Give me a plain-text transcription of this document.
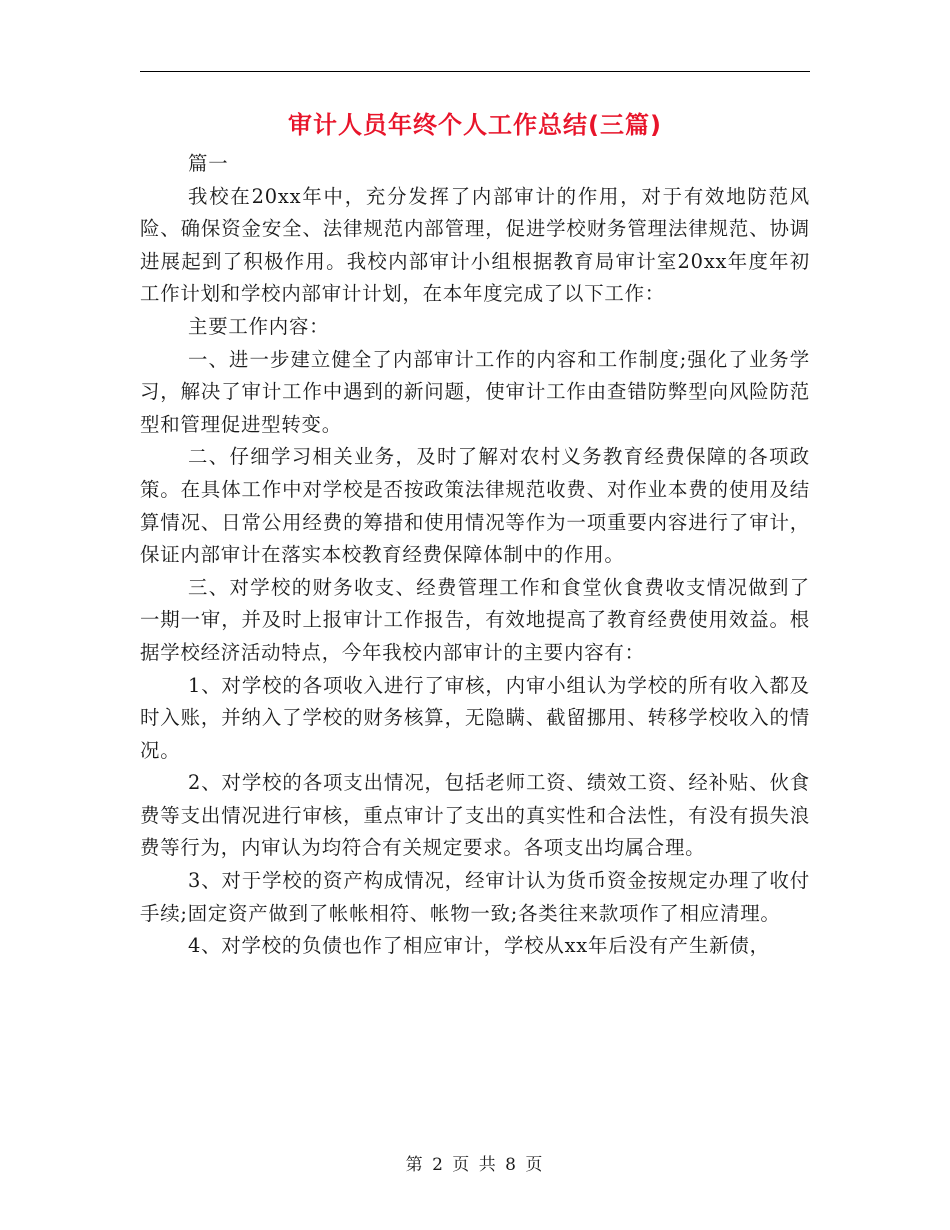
审计人员年终个人工作总结(三篇)

篇一

我校在20xx年中，充分发挥了内部审计的作用，对于有效地防范风险、确保资金安全、法律规范内部管理，促进学校财务管理法律规范、协调进展起到了积极作用。我校内部审计小组根据教育局审计室20xx年度年初工作计划和学校内部审计计划，在本年度完成了以下工作：

主要工作内容：

一、进一步建立健全了内部审计工作的内容和工作制度;强化了业务学习，解决了审计工作中遇到的新问题，使审计工作由查错防弊型向风险防范型和管理促进型转变。

二、仔细学习相关业务，及时了解对农村义务教育经费保障的各项政策。在具体工作中对学校是否按政策法律规范收费、对作业本费的使用及结算情况、日常公用经费的筹措和使用情况等作为一项重要内容进行了审计，保证内部审计在落实本校教育经费保障体制中的作用。

三、对学校的财务收支、经费管理工作和食堂伙食费收支情况做到了一期一审，并及时上报审计工作报告，有效地提高了教育经费使用效益。根据学校经济活动特点，今年我校内部审计的主要内容有：

1、对学校的各项收入进行了审核，内审小组认为学校的所有收入都及时入账，并纳入了学校的财务核算，无隐瞒、截留挪用、转移学校收入的情况。

2、对学校的各项支出情况，包括老师工资、绩效工资、经补贴、伙食费等支出情况进行审核，重点审计了支出的真实性和合法性，有没有损失浪费等行为，内审认为均符合有关规定要求。各项支出均属合理。

3、对于学校的资产构成情况，经审计认为货币资金按规定办理了收付手续;固定资产做到了帐帐相符、帐物一致;各类往来款项作了相应清理。

4、对学校的负债也作了相应审计，学校从xx年后没有产生新债，

第 2 页 共 8 页
